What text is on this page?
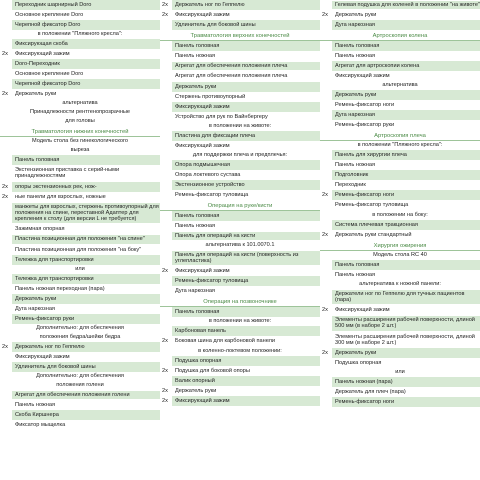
Переходник шарнирный Doro
Основное крепление Doro
Черепной фиксатор Doro
в положении "Пляжного кресла":
Фиксирующая скоба
2x	Фиксирующий зажим
Doro-Переходник
Основное крепление Doro
Черепной фиксатор Doro
2x	Держатель руки
альтернатива
Принадлежности рентгенопрозрачные
для головы
Травматология нижних конечностей
Модель стола без гинекологического
выреза
Панель головная
Экстензионная приставка с серий-ными принадлежностями
2x	опоры экстензионных рек, нож-
2x	ные панели для взрослых, ножные
манжеты для взрослых, стержень противоупорный для положения на спине, переставной Адаптер для крепления к столу (для версии L не требуется)
Зажимная опорная
Пластина позиционная для положения "на спине"
Пластина позиционная для положения "на боку"
Тележка для транспортировки
или
Тележка для транспортировки
Панель ножная переходная (пара)
Держатель руки
Дуга наркозная
Ремень-фиксатор руки
Дополнительно: для обеспечения
положения бедра/шейки бедра
2x	Держатель ног по Геппелю
Фиксирующий зажим
Удлинитель для боковой шины
Дополнительно: для обеспечения
положения голени
Агрегат для обеспечения положения голени
Панель ножная
Скоба Киршнера
Фиксатор мыщелка
2x	Держатель ног по Геппелю
2x	Фиксирующий зажим
Удлинитель для боковой шины
Травматология верхних конечностей
Панель головная
Панель ножная
Агрегат для обеспечения положения плеча
Агрегат для обеспечения положения плеча
Держатель руки
Стержень противоупорный
Фиксирующий зажим
Устройство для рук по Вайнбергеру
в положении на животе:
Пластина для фиксации плеча
Фиксирующий зажим
для поддержки плеча и предплечья:
Опора подмышечная
Опора локтевого сустава
Экстензионное устройство
Ремень-фиксатор туловища
Операция на руке/кисти
Панель головная
Панель ножная
Панель для операций на кисти
альтернатива к 101.0070.1
Панель для операций на кисти (поверхность из углепластика)
2x	Фиксирующий зажим
Ремень-фиксатор туловища
Дуга наркозная
Операция на позвоночнике
Панель головная
в положении на животе:
Карбоновая панель
2x	Боковая шина для карбоновой панели
в коленно-локтевом положении:
Подушка опорная
2x	Подушка для боковой опоры
Валик опорный
2x	Держатель руки
2x	Фиксирующий зажим
Гелевая подушка для коленей в положении "на животе"
2x	Держатель руки
Дуга наркозная
Артроскопия колена
Панель головная
Панель ножная
Агрегат для артроскопии колена
Фиксирующий зажим
альтернатива
Держатель руки
Ремень-фиксатор ноги
Дуга наркозная
Ремень-фиксатор руки
Артроскопия плеча
в положении "Пляжного кресла":
Панель для хирургии плеча
Панель ножная
Подголовник
Переходник
2x	Ремень-фиксатор ноги
Ремень-фиксатор туловища
в положении на боку:
Система плечевая тракционная
2x	Держатель руки стандартный
Хирургия ожирения
Модель стола RC 40
Панель головная
Панель ножная
альтернатива к ножной панели:
Держатели ног по Геппелю для тучных пациентов (пара)
2x	Фиксирующий зажим
Элементы расширения рабочей поверхности, длиной 500 мм (в наборе 2 шт.)
Элементы расширения рабочей поверхности, длиной 300 мм (в наборе 2 шт.)
2x	Держатель руки
Подушка опорная
или
Панель ножная (пара)
Держатель для плеч (пара)
Ремень-фиксатор ноги
